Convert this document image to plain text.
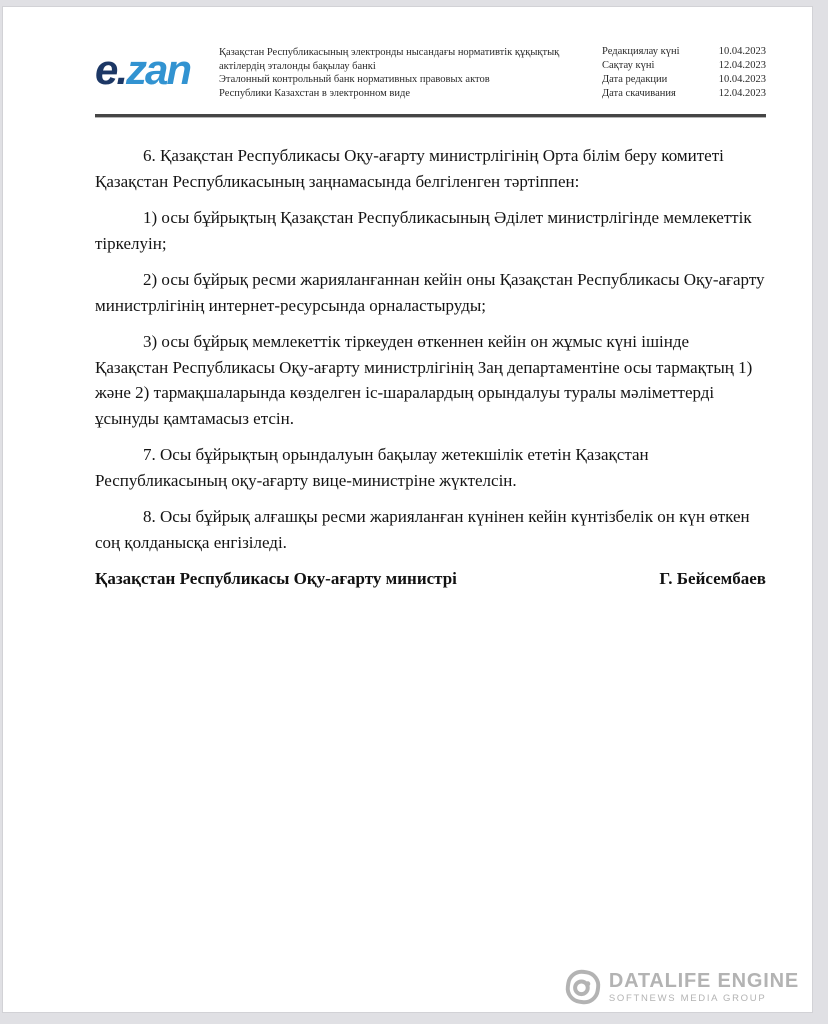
e.zan	Қазақстан Республикасының электронды нысандағы нормативтік құқықтық
актілердің эталонды бақылау банкі
Эталонный контрольный банк нормативных правовых актов
Республики Казахстан в электронном виде
Редакциялау күні	10.04.2023
Сақтау күні	12.04.2023
Дата редакции	10.04.2023
Дата скачивания	12.04.2023

6. Қазақстан Республикасы Оқу-ағарту министрлігінің Орта білім беру комитеті Қазақстан Республикасының заңнамасында белгіленген тәртіппен:

1) осы бұйрықтың Қазақстан Республикасының Әділет министрлігінде мемлекеттік тіркелуін;

2) осы бұйрық ресми жарияланғаннан кейін оны Қазақстан Республикасы Оқу-ағарту министрлігінің интернет-ресурсында орналастыруды;

3) осы бұйрық мемлекеттік тіркеуден өткеннен кейін он жұмыс күні ішінде Қазақстан Республикасы Оқу-ағарту министрлігінің Заң департаментіне осы тармақтың 1) және 2) тармақшаларында көзделген іс-шаралардың орындалуы туралы мәліметтерді ұсынуды қамтамасыз етсін.

7. Осы бұйрықтың орындалуын бақылау жетекшілік ететін Қазақстан Республикасының оқу-ағарту вице-министріне жүктелсін.

8. Осы бұйрық алғашқы ресми жарияланған күнінен кейін күнтізбелік он күн өткен соң қолданысқа енгізіледі.

Қазақстан Республикасы Оқу-ағарту министрі	Г. Бейсембаев
DATALIFE ENGINE
SOFTNEWS MEDIA GROUP
